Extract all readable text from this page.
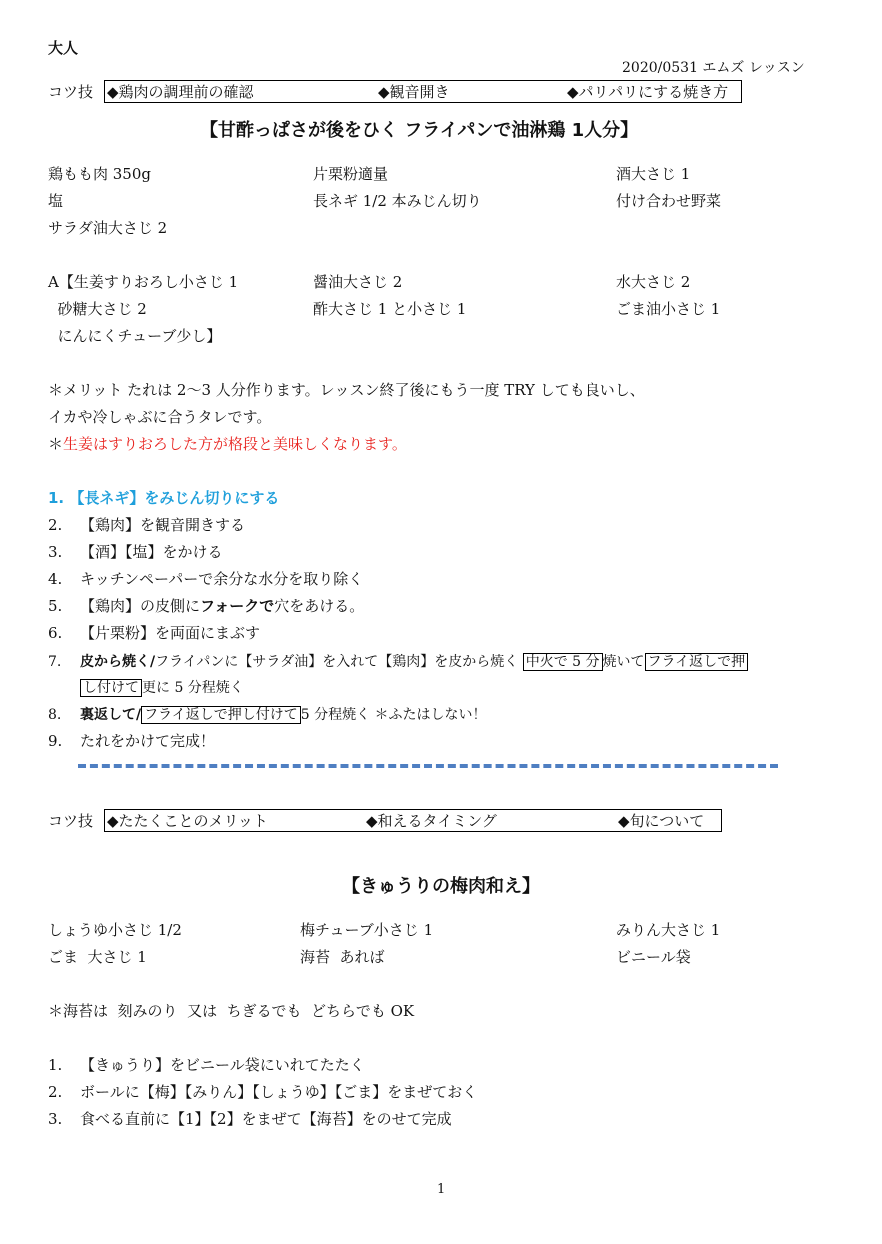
大人
2020/0531 エムズ レッスン
コツ技 ◆鶏肉の調理前の確認	◆観音開き	◆パリパリにする焼き方
【甘酢っぱさが後をひく フライパンで油淋鶏 1人分】
鶏もも肉 350g	片栗粉適量	酒大さじ 1
塩	長ネギ 1/2 本みじん切り	付け合わせ野菜
サラダ油大さじ 2
A【生姜すりおろし小さじ 1	醤油大さじ 2	水大さじ 2
砂糖大さじ 2	酢大さじ 1 と小さじ 1	ごま油小さじ 1
にんにくチューブ少し】
＊メリット たれは 2〜3 人分作ります。レッスン終了後にもう一度 TRY しても良いし、
イカや冷しゃぶに合うタレです。
＊生姜はすりおろした方が格段と美味しくなります。
1. 【長ネギ】をみじん切りにする
2. 【鶏肉】を観音開きする
3. 【酒】【塩】をかける
4. キッチンペーパーで余分な水分を取り除く
5. 【鶏肉】の皮側にフォークで穴をあける。
6. 【片栗粉】を両面にまぶす
7. 皮から焼く/フライパンに【サラダ油】を入れて【鶏肉】を皮から焼く 中火で 5 分 焼いて フライ返しで押
し付けて 更に 5 分程焼く
8. 裏返して/ フライ返しで押し付けて 5 分程焼く ＊ふたはしない！
9. たれをかけて完成！
コツ技 ◆たたくことのメリット	◆和えるタイミング	◆旬について
【きゅうりの梅肉和え】
しょうゆ小さじ 1/2	梅チューブ小さじ 1	みりん大さじ 1
ごま  大さじ 1	海苔  あれば	ビニール袋
＊海苔は  刻みのり  又は  ちぎるでも  どちらでも OK
1. 【きゅうり】をビニール袋にいれてたたく
2. ボールに【梅】【みりん】【しょうゆ】【ごま】をまぜておく
3. 食べる直前に【1】【2】をまぜて【海苔】をのせて完成
1
